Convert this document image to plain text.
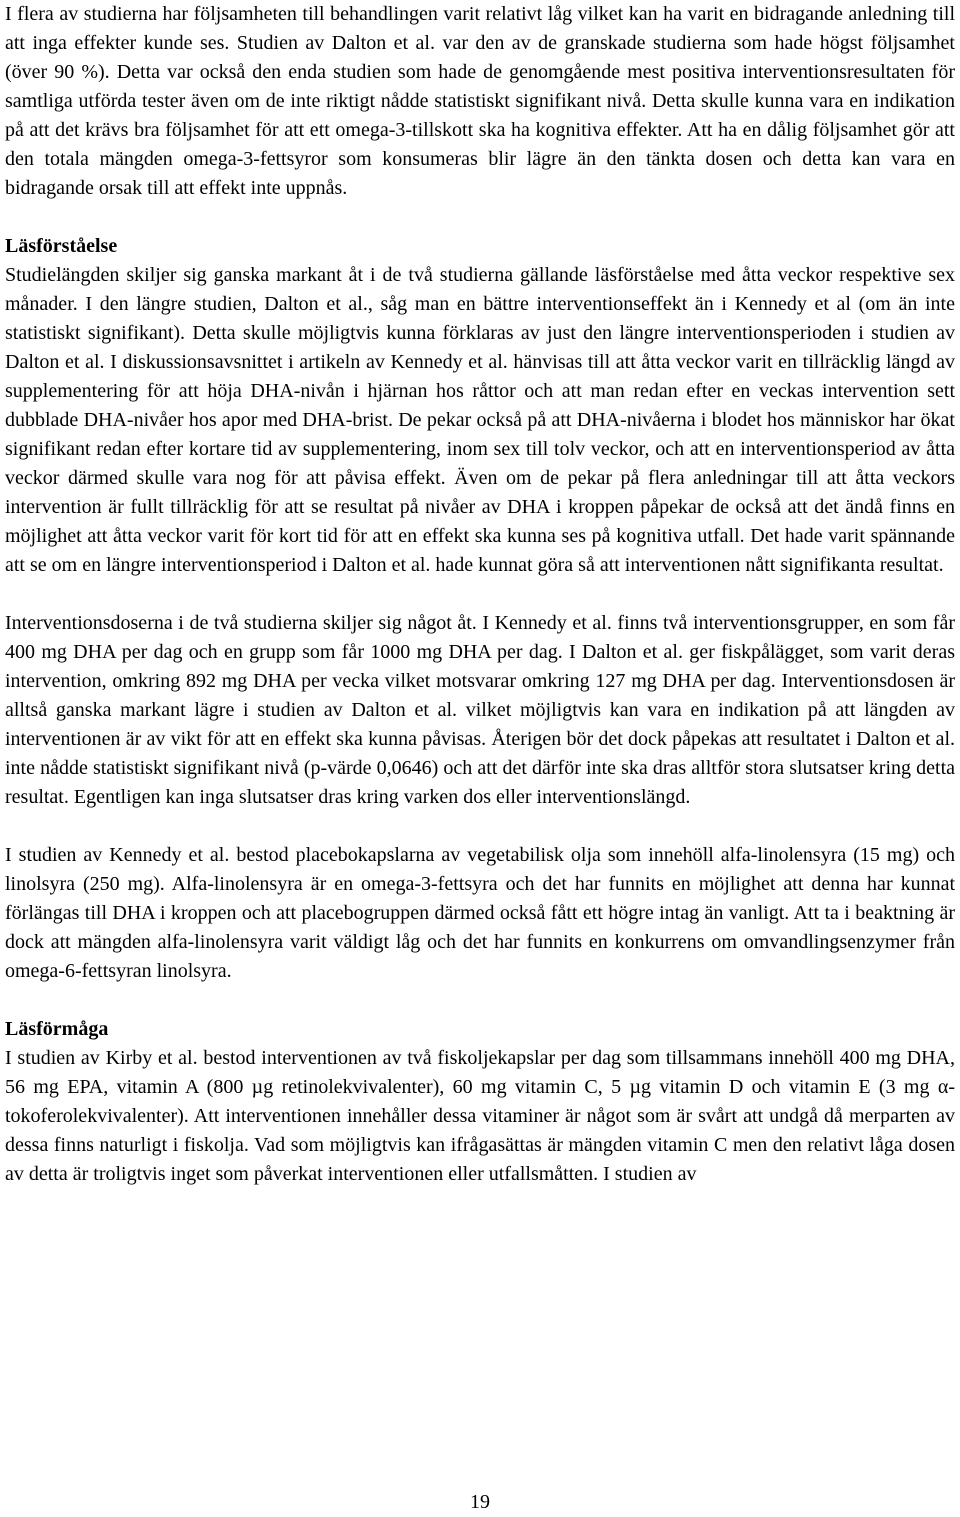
I flera av studierna har följsamheten till behandlingen varit relativt låg vilket kan ha varit en bidragande anledning till att inga effekter kunde ses. Studien av Dalton et al. var den av de granskade studierna som hade högst följsamhet (över 90 %). Detta var också den enda studien som hade de genomgående mest positiva interventionsresultaten för samtliga utförda tester även om de inte riktigt nådde statistiskt signifikant nivå. Detta skulle kunna vara en indikation på att det krävs bra följsamhet för att ett omega-3-tillskott ska ha kognitiva effekter. Att ha en dålig följsamhet gör att den totala mängden omega-3-fettsyror som konsumeras blir lägre än den tänkta dosen och detta kan vara en bidragande orsak till att effekt inte uppnås.

Läsförståelse

Studielängden skiljer sig ganska markant åt i de två studierna gällande läsförståelse med åtta veckor respektive sex månader. I den längre studien, Dalton et al., såg man en bättre interventionseffekt än i Kennedy et al (om än inte statistiskt signifikant). Detta skulle möjligtvis kunna förklaras av just den längre interventionsperioden i studien av Dalton et al. I diskussionsavsnittet i artikeln av Kennedy et al. hänvisas till att åtta veckor varit en tillräcklig längd av supplementering för att höja DHA-nivån i hjärnan hos råttor och att man redan efter en veckas intervention sett dubblade DHA-nivåer hos apor med DHA-brist. De pekar också på att DHA-nivåerna i blodet hos människor har ökat signifikant redan efter kortare tid av supplementering, inom sex till tolv veckor, och att en interventionsperiod av åtta veckor därmed skulle vara nog för att påvisa effekt. Även om de pekar på flera anledningar till att åtta veckors intervention är fullt tillräcklig för att se resultat på nivåer av DHA i kroppen påpekar de också att det ändå finns en möjlighet att åtta veckor varit för kort tid för att en effekt ska kunna ses på kognitiva utfall. Det hade varit spännande att se om en längre interventionsperiod i Dalton et al. hade kunnat göra så att interventionen nått signifikanta resultat.

Interventionsdoserna i de två studierna skiljer sig något åt. I Kennedy et al. finns två interventionsgrupper, en som får 400 mg DHA per dag och en grupp som får 1000 mg DHA per dag. I Dalton et al. ger fiskpålägget, som varit deras intervention, omkring 892 mg DHA per vecka vilket motsvarar omkring 127 mg DHA per dag. Interventionsdosen är alltså ganska markant lägre i studien av Dalton et al. vilket möjligtvis kan vara en indikation på att längden av interventionen är av vikt för att en effekt ska kunna påvisas. Återigen bör det dock påpekas att resultatet i Dalton et al. inte nådde statistiskt signifikant nivå (p-värde 0,0646) och att det därför inte ska dras alltför stora slutsatser kring detta resultat. Egentligen kan inga slutsatser dras kring varken dos eller interventionslängd.

I studien av Kennedy et al. bestod placebokapslarna av vegetabilisk olja som innehöll alfa-linolensyra (15 mg) och linolsyra (250 mg). Alfa-linolensyra är en omega-3-fettsyra och det har funnits en möjlighet att denna har kunnat förlängas till DHA i kroppen och att placebogruppen därmed också fått ett högre intag än vanligt. Att ta i beaktning är dock att mängden alfa-linolensyra varit väldigt låg och det har funnits en konkurrens om omvandlingsenzymer från omega-6-fettsyran linolsyra.

Läsförmåga

I studien av Kirby et al. bestod interventionen av två fiskoljekapslar per dag som tillsammans innehöll 400 mg DHA, 56 mg EPA, vitamin A (800 µg retinolekvivalenter), 60 mg vitamin C, 5 µg vitamin D och vitamin E (3 mg α-tokoferolekvivalenter). Att interventionen innehåller dessa vitaminer är något som är svårt att undgå då merparten av dessa finns naturligt i fiskolja. Vad som möjligtvis kan ifrågasättas är mängden vitamin C men den relativt låga dosen av detta är troligtvis inget som påverkat interventionen eller utfallsmåtten. I studien av

19
